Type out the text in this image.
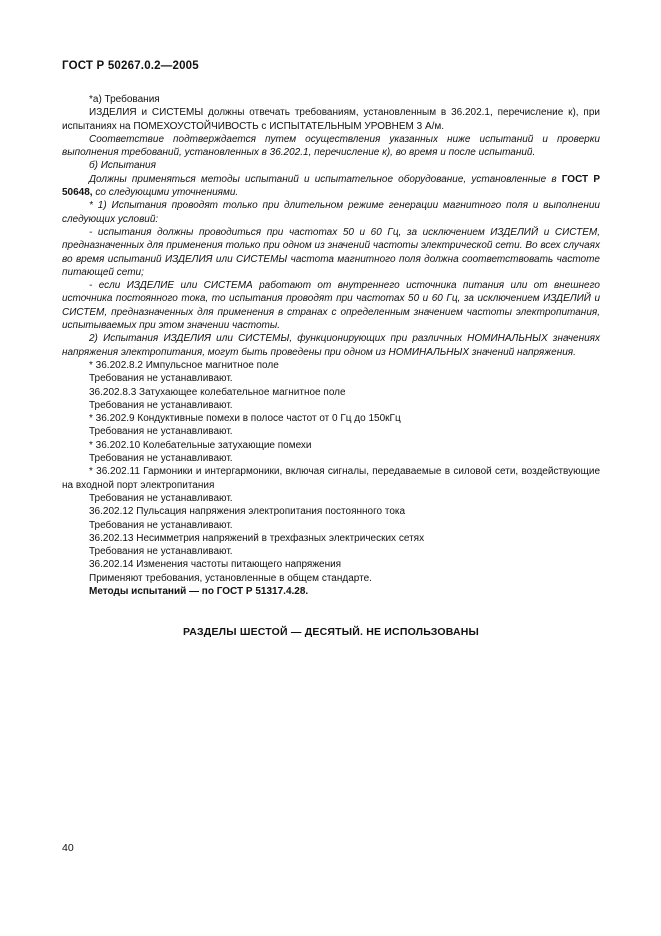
ГОСТ Р 50267.0.2—2005

*а) Требования

ИЗДЕЛИЯ и СИСТЕМЫ должны отвечать требованиям, установленным в 36.202.1, перечисление к), при испытаниях на ПОМЕХОУСТОЙЧИВОСТЬ с ИСПЫТАТЕЛЬНЫМ УРОВНЕМ 3 А/м.

Соответствие подтверждается путем осуществления указанных ниже испытаний и проверки выполнения требований, установленных в 36.202.1, перечисление к), во время и после испытаний.

б) Испытания

Должны применяться методы испытаний и испытательное оборудование, установленные в ГОСТ Р 50648, со следующими уточнениями.

* 1) Испытания проводят только при длительном режиме генерации магнитного поля и выполнении следующих условий:

- испытания должны проводиться при частотах 50 и 60 Гц, за исключением ИЗДЕЛИЙ и СИСТЕМ, предназначенных для применения только при одном из значений частоты электрической сети. Во всех случаях во время испытаний ИЗДЕЛИЯ или СИСТЕМЫ частота магнитного поля должна соответствовать частоте питающей сети;

- если ИЗДЕЛИЕ или СИСТЕМА работают от внутреннего источника питания или от внешнего источника постоянного тока, то испытания проводят при частотах 50 и 60 Гц, за исключением ИЗДЕЛИЙ и СИСТЕМ, предназначенных для применения в странах с определенным значением частоты электропитания, испытываемых при этом значении частоты.

2) Испытания ИЗДЕЛИЯ или СИСТЕМЫ, функционирующих при различных НОМИНАЛЬНЫХ значениях напряжения электропитания, могут быть проведены при одном из НОМИНАЛЬНЫХ значений напряжения.

* 36.202.8.2 Импульсное магнитное поле

Требования не устанавливают.

36.202.8.3 Затухающее колебательное магнитное поле

Требования не устанавливают.

* 36.202.9 Кондуктивные помехи в полосе частот от 0 Гц до 150кГц

Требования не устанавливают.

* 36.202.10 Колебательные затухающие помехи

Требования не устанавливают.

* 36.202.11 Гармоники и интергармоники, включая сигналы, передаваемые в силовой сети, воздействующие на входной порт электропитания

Требования не устанавливают.

36.202.12 Пульсация напряжения электропитания постоянного тока

Требования не устанавливают.

36.202.13 Несимметрия напряжений в трехфазных электрических сетях

Требования не устанавливают.

36.202.14 Изменения частоты питающего напряжения

Применяют требования, установленные в общем стандарте.

Методы испытаний — по ГОСТ Р 51317.4.28.

РАЗДЕЛЫ ШЕСТОЙ — ДЕСЯТЫЙ. НЕ ИСПОЛЬЗОВАНЫ
40
